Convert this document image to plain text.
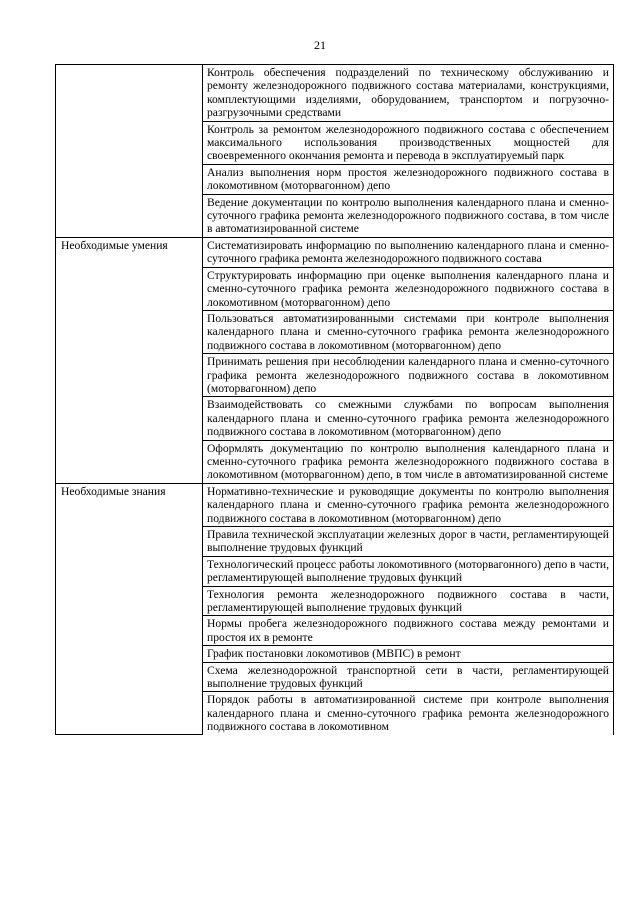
21
	Контроль обеспечения подразделений по техническому обслуживанию и ремонту железнодорожного подвижного состава материалами, конструкциями, комплектующими изделиями, оборудованием, транспортом и погрузочно-разгрузочными средствами
	Контроль за ремонтом железнодорожного подвижного состава с обеспечением максимального использования производственных мощностей для своевременного окончания ремонта и перевода в эксплуатируемый парк
	Анализ выполнения норм простоя железнодорожного подвижного состава в локомотивном (моторвагонном) депо
	Ведение документации по контролю выполнения календарного плана и сменно-суточного графика ремонта железнодорожного подвижного состава, в том числе в автоматизированной системе
Необходимые умения	Систематизировать информацию по выполнению календарного плана и сменно-суточного графика ремонта железнодорожного подвижного состава
	Структурировать информацию при оценке выполнения календарного плана и сменно-суточного графика ремонта железнодорожного подвижного состава в локомотивном (моторвагонном) депо
	Пользоваться автоматизированными системами при контроле выполнения календарного плана и сменно-суточного графика ремонта железнодорожного подвижного состава в локомотивном (моторвагонном) депо
	Принимать решения при несоблюдении календарного плана и сменно-суточного графика ремонта железнодорожного подвижного состава в локомотивном (моторвагонном) депо
	Взаимодействовать со смежными службами по вопросам выполнения календарного плана и сменно-суточного графика ремонта железнодорожного подвижного состава в локомотивном (моторвагонном) депо
	Оформлять документацию по контролю выполнения календарного плана и сменно-суточного графика ремонта железнодорожного подвижного состава в локомотивном (моторвагонном) депо, в том числе в автоматизированной системе
Необходимые знания	Нормативно-технические и руководящие документы по контролю выполнения календарного плана и сменно-суточного графика ремонта железнодорожного подвижного состава в локомотивном (моторвагонном) депо
	Правила технической эксплуатации железных дорог в части, регламентирующей выполнение трудовых функций
	Технологический процесс работы локомотивного (моторвагонного) депо в части, регламентирующей выполнение трудовых функций
	Технология ремонта железнодорожного подвижного состава в части, регламентирующей выполнение трудовых функций
	Нормы пробега железнодорожного подвижного состава между ремонтами и простоя их в ремонте
	График постановки локомотивов (МВПС) в ремонт
	Схема железнодорожной транспортной сети в части, регламентирующей выполнение трудовых функций
	Порядок работы в автоматизированной системе при контроле выполнения календарного плана и сменно-суточного графика ремонта железнодорожного подвижного состава в локомотивном
